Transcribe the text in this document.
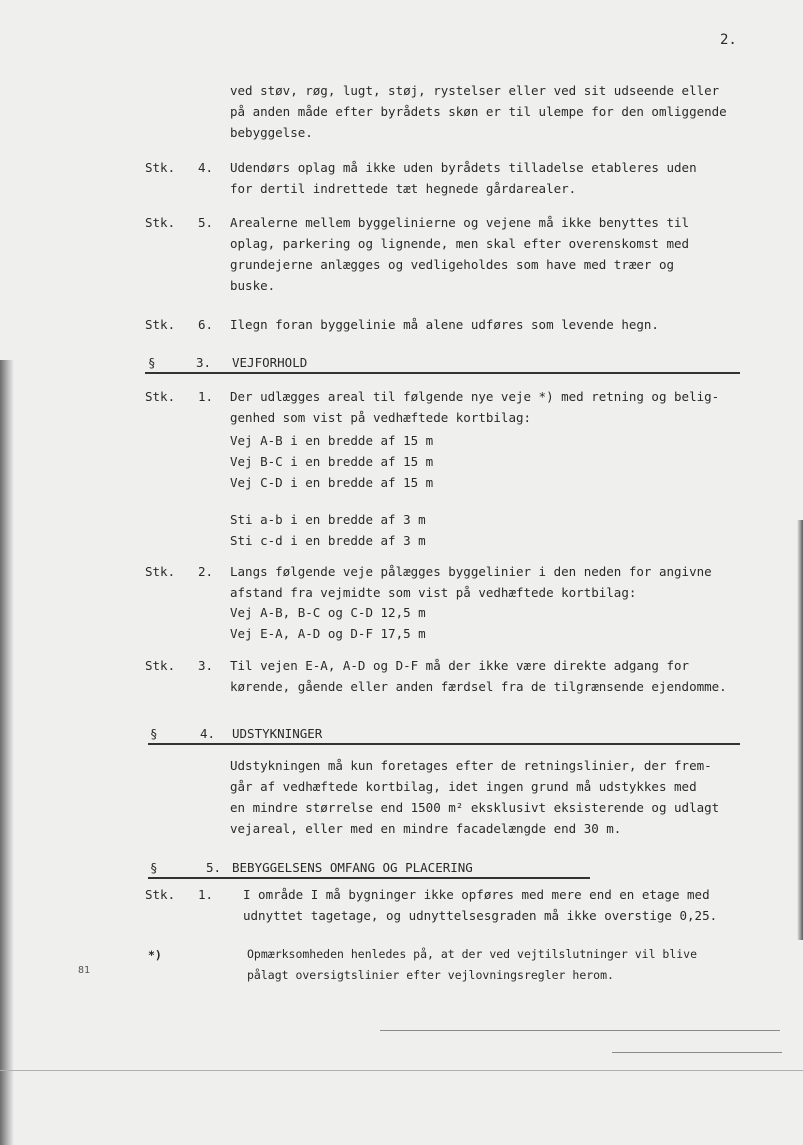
2.
ved støv, røg, lugt, støj, rystelser eller ved sit udseende eller
på anden måde efter byrådets skøn er til ulempe for den omliggende
bebyggelse.
Stk. 4. Udendørs oplag må ikke uden byrådets tilladelse etableres uden
for dertil indrettede tæt hegnede gårdarealer.
Stk. 5. Arealerne mellem byggelinierne og vejene må ikke benyttes til
oplag, parkering og lignende, men skal efter overenskomst med
grundejerne anlægges og vedligeholdes som have med træer og
buske.
Stk. 6. Ilegn foran byggelinie må alene udføres som levende hegn.
§	3. VEJFORHOLD
Stk. 1. Der udlægges areal til følgende nye veje *) med retning og belig-
genhed som vist på vedhæftede kortbilag:
Vej A-B i en bredde af 15 m
Vej B-C i en bredde af 15 m
Vej C-D i en bredde af 15 m
Sti a-b i en bredde af 3 m
Sti c-d i en bredde af 3 m
Stk. 2. Langs følgende veje pålægges byggelinier i den neden for angivne
afstand fra vejmidte som vist på vedhæftede kortbilag:
Vej A-B, B-C og C-D 12,5 m
Vej E-A, A-D og D-F 17,5 m
Stk. 3. Til vejen E-A, A-D og D-F må der ikke være direkte adgang for
kørende, gående eller anden færdsel fra de tilgrænsende ejendomme.
§	4. UDSTYKNINGER
Udstykningen må kun foretages efter de retningslinier, der frem-
går af vedhæftede kortbilag, idet ingen grund må udstykkes med
en mindre størrelse end 1500 m² eksklusivt eksisterende og udlagt
vejareal, eller med en mindre facadelængde end 30 m.
§	5. BEBYGGELSENS OMFANG OG PLACERING
Stk. 1. I område I må bygninger ikke opføres med mere end en etage med
udnyttet tagetage, og udnyttelsesgraden må ikke overstige 0,25.
*)	Opmærksomheden henledes på, at der ved vejtilslutninger vil blive
pålagt oversigtslinier efter vejlovningsregler herom.
81
